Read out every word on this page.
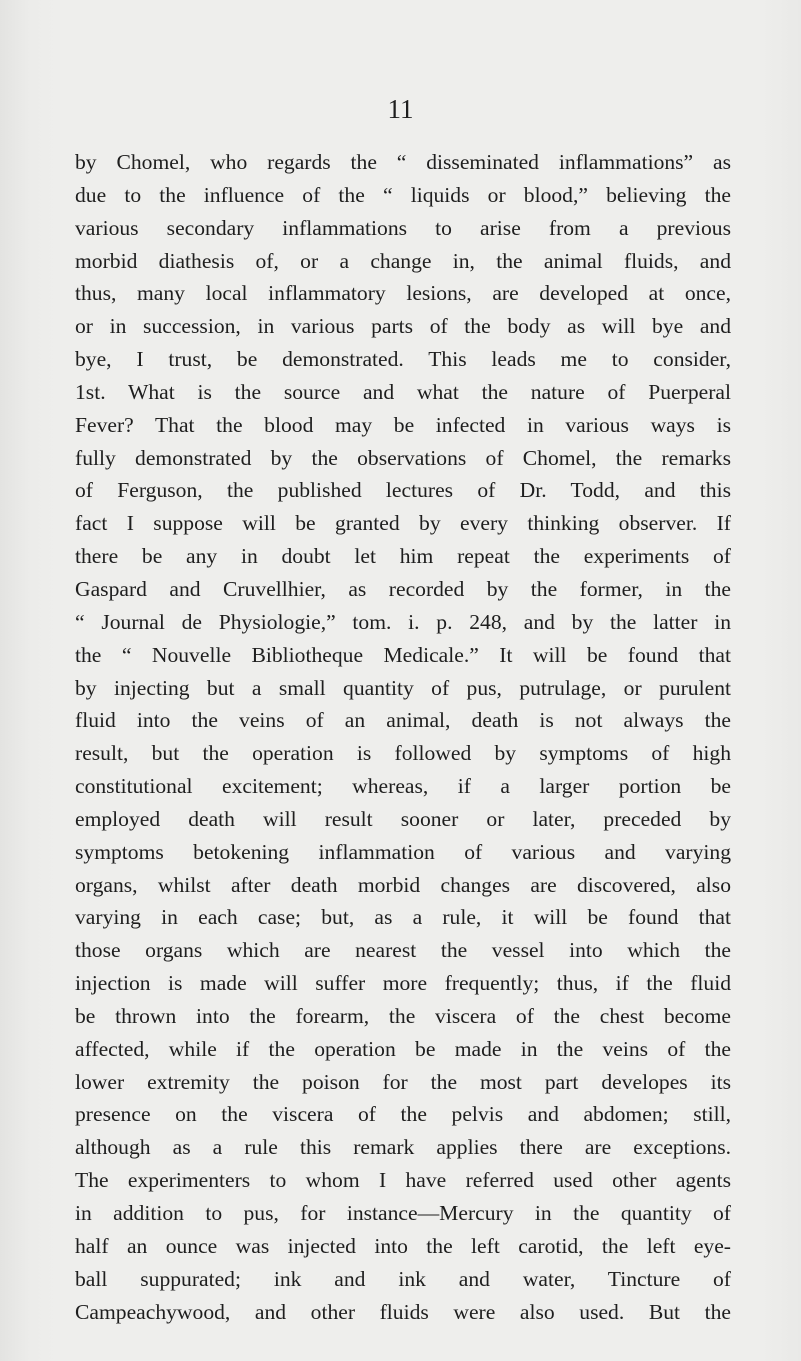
11
by Chomel, who regards the “ disseminated inflammations” as
due to the influence of the “ liquids or blood,” believing the
various secondary inflammations to arise from a previous
morbid diathesis of, or a change in, the animal fluids, and
thus, many local inflammatory lesions, are developed at once,
or in succession, in various parts of the body as will bye and
bye, I trust, be demonstrated. This leads me to consider,
1st. What is the source and what the nature of Puerperal
Fever? That the blood may be infected in various ways is
fully demonstrated by the observations of Chomel, the remarks
of Ferguson, the published lectures of Dr. Todd, and this
fact I suppose will be granted by every thinking observer. If
there be any in doubt let him repeat the experiments of
Gaspard and Cruvellhier, as recorded by the former, in the
“ Journal de Physiologie,” tom. i. p. 248, and by the latter in
the “ Nouvelle Bibliotheque Medicale.” It will be found that
by injecting but a small quantity of pus, putrulage, or purulent
fluid into the veins of an animal, death is not always the
result, but the operation is followed by symptoms of high
constitutional excitement; whereas, if a larger portion be
employed death will result sooner or later, preceded by
symptoms betokening inflammation of various and varying
organs, whilst after death morbid changes are discovered, also
varying in each case; but, as a rule, it will be found that
those organs which are nearest the vessel into which the
injection is made will suffer more frequently; thus, if the fluid
be thrown into the forearm, the viscera of the chest become
affected, while if the operation be made in the veins of the
lower extremity the poison for the most part developes its
presence on the viscera of the pelvis and abdomen; still,
although as a rule this remark applies there are exceptions.
The experimenters to whom I have referred used other agents
in addition to pus, for instance—Mercury in the quantity of
half an ounce was injected into the left carotid, the left eye-
ball suppurated; ink and ink and water, Tincture of
Campeachywood, and other fluids were also used. But the
